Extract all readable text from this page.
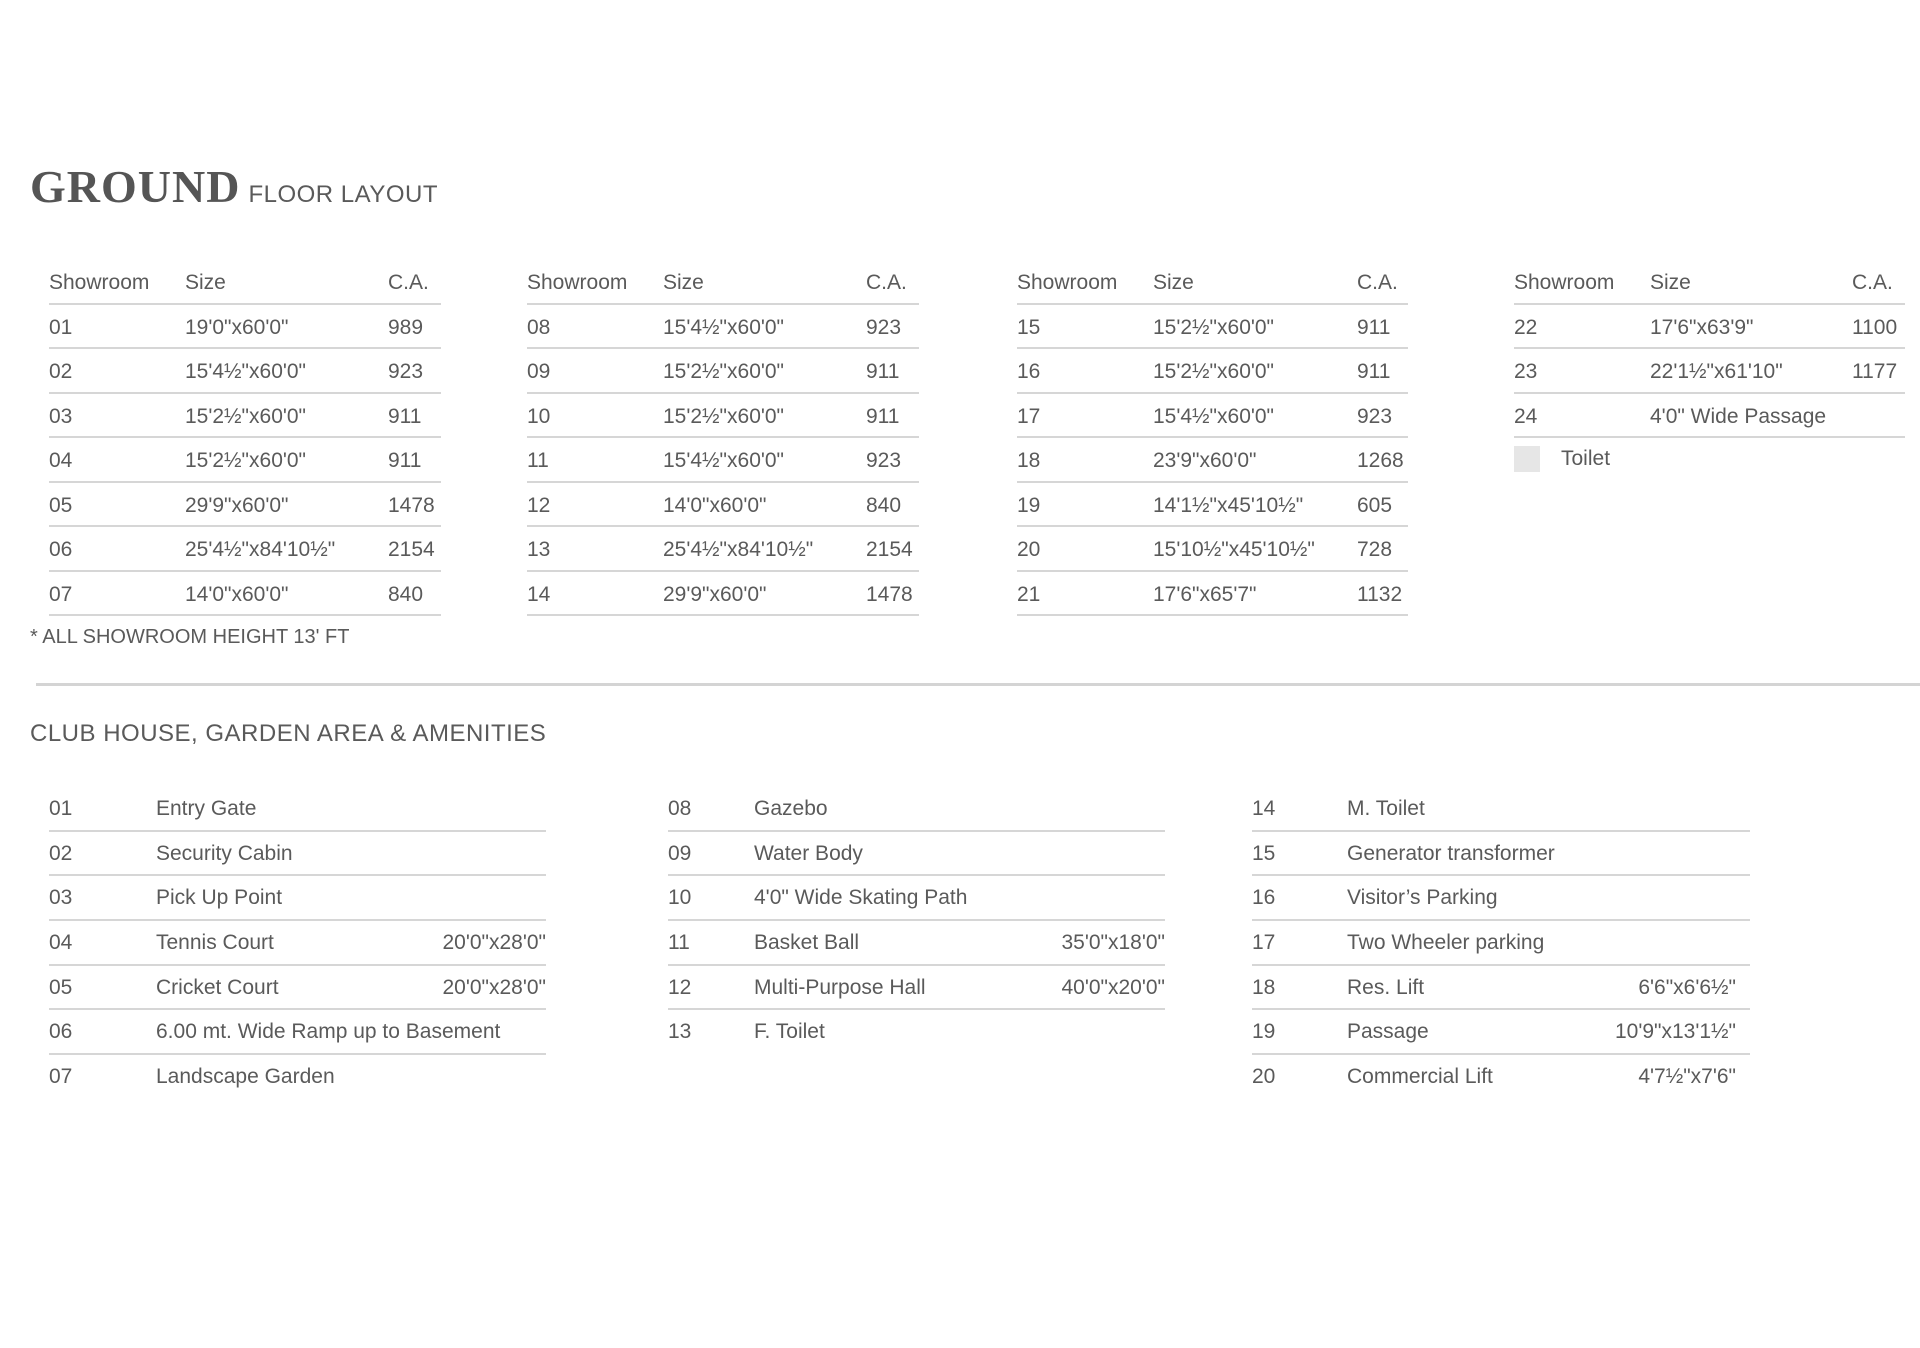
GROUND FLOOR LAYOUT
Showroom Size	C.A.
01	19'0"x60'0"	989
02	15'4½"x60'0"	923
03	15'2½"x60'0"	911
04	15'2½"x60'0"	911
05	29'9"x60'0"	1478
06	25'4½"x84'10½"	2154
07	14'0"x60'0"	840
Showroom Size	C.A.
08	15'4½"x60'0"	923
09	15'2½"x60'0"	911
10	15'2½"x60'0"	911
11	15'4½"x60'0"	923
12	14'0"x60'0"	840
13	25'4½"x84'10½"	2154
14	29'9"x60'0"	1478
Showroom Size	C.A.
15	15'2½"x60'0"	911
16	15'2½"x60'0"	911
17	15'4½"x60'0"	923
18	23'9"x60'0"	1268
19	14'1½"x45'10½"	605
20	15'10½"x45'10½" 728
21	17'6"x65'7"	1132
Showroom Size	C.A.
22	17'6"x63'9"	1100
23	22'1½"x61'10"	1177
24	4'0" Wide Passage
Toilet
* ALL SHOWROOM HEIGHT 13' FT
CLUB HOUSE, GARDEN AREA & AMENITIES
01	Entry Gate
02	Security Cabin
03	Pick Up Point
04	Tennis Court	20'0"x28'0"
05	Cricket Court	20'0"x28'0"
06	6.00 mt. Wide Ramp up to Basement
07	Landscape Garden
08	Gazebo
09	Water Body
10	4'0" Wide Skating Path
11	Basket Ball	35'0"x18'0"
12	Multi-Purpose Hall	40'0"x20'0"
13	F. Toilet
14	M. Toilet
15	Generator transformer
16	Visitor’s Parking
17	Two Wheeler parking
18	Res. Lift	6'6"x6'6½"
19	Passage	10'9"x13'1½"
20	Commercial Lift	4'7½"x7'6"
